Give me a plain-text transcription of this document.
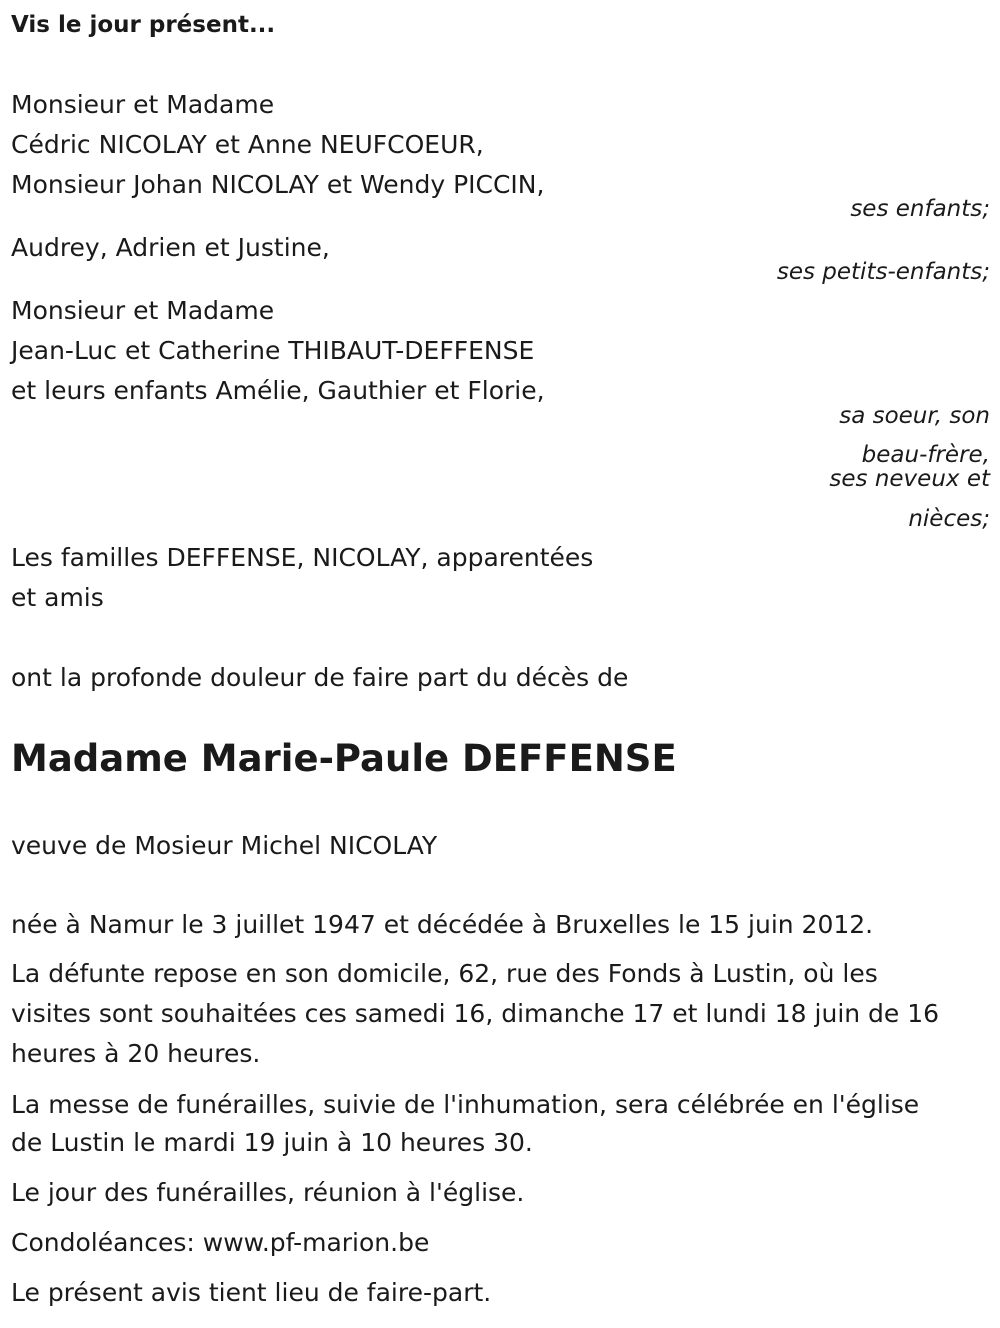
Vis le jour présent...
Monsieur et Madame
Cédric NICOLAY et Anne NEUFCOEUR,
Monsieur Johan NICOLAY et Wendy PICCIN,
ses enfants;
Audrey, Adrien et Justine,
ses petits-enfants;
Monsieur et Madame
Jean-Luc et Catherine THIBAUT-DEFFENSE
et leurs enfants Amélie, Gauthier et Florie,
sa soeur, son
beau-frère,
ses neveux et
nièces;
Les familles DEFFENSE, NICOLAY, apparentées
et amis
ont la profonde douleur de faire part du décès de
Madame Marie-Paule DEFFENSE
veuve de Mosieur Michel NICOLAY
née à Namur le 3 juillet 1947 et décédée à Bruxelles le 15 juin 2012.
La défunte repose en son domicile, 62, rue des Fonds à Lustin, où les
visites sont souhaitées ces samedi 16, dimanche 17 et lundi 18 juin de 16
heures à 20 heures.
La messe de funérailles, suivie de l'inhumation, sera célébrée en l'église
de Lustin le mardi 19 juin à 10 heures 30.
Le jour des funérailles, réunion à l'église.
Condoléances: www.pf-marion.be
Le présent avis tient lieu de faire-part.
